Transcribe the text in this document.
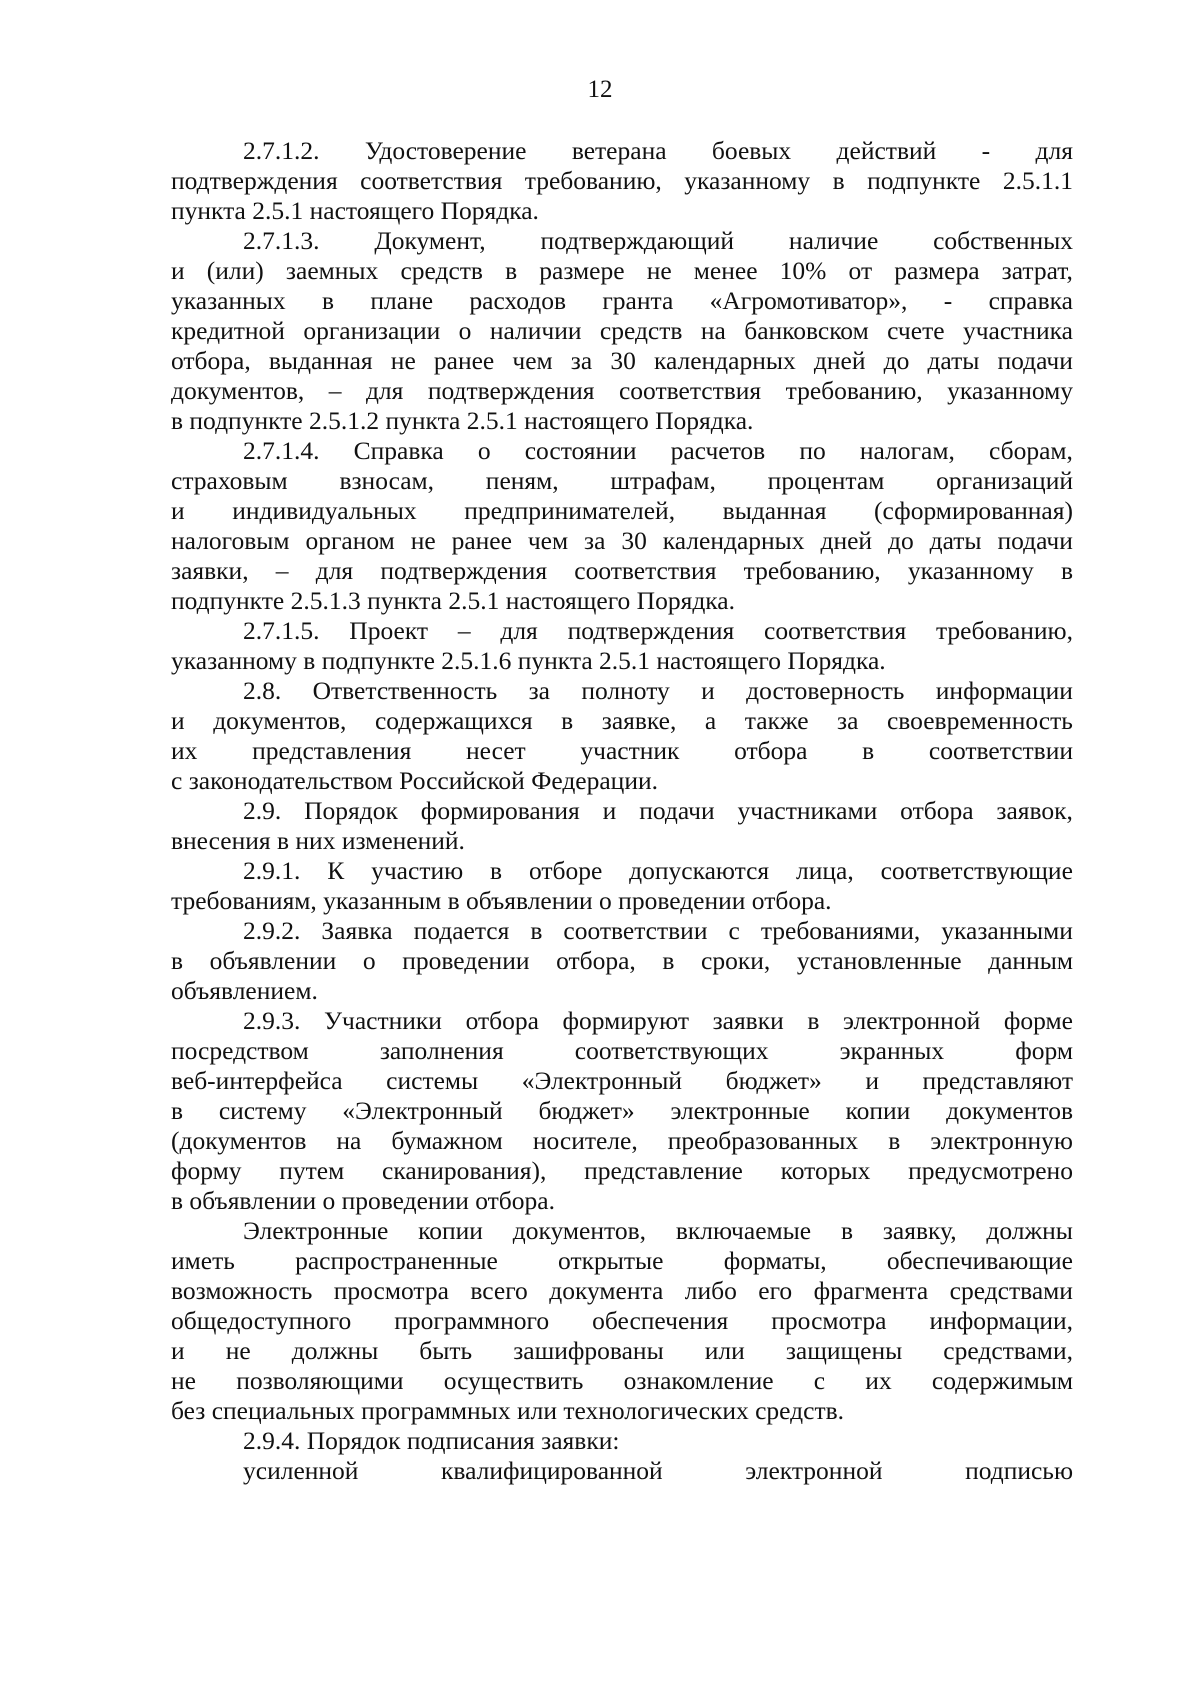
12
2.7.1.2. Удостоверение ветерана боевых действий - для
подтверждения соответствия требованию, указанному в подпункте 2.5.1.1
пункта 2.5.1 настоящего Порядка.
2.7.1.3. Документ, подтверждающий наличие собственных
и (или) заемных средств в размере не менее 10% от размера затрат,
указанных в плане расходов гранта «Агромотиватор», - справка
кредитной организации о наличии средств на банковском счете участника
отбора, выданная не ранее чем за 30 календарных дней до даты подачи
документов, – для подтверждения соответствия требованию, указанному
в подпункте 2.5.1.2 пункта 2.5.1 настоящего Порядка.
2.7.1.4. Справка о состоянии расчетов по налогам, сборам,
страховым взносам, пеням, штрафам, процентам организаций
и индивидуальных предпринимателей, выданная (сформированная)
налоговым органом не ранее чем за 30 календарных дней до даты подачи
заявки, – для подтверждения соответствия требованию, указанному в
подпункте 2.5.1.3 пункта 2.5.1 настоящего Порядка.
2.7.1.5. Проект – для подтверждения соответствия требованию,
указанному в подпункте 2.5.1.6 пункта 2.5.1 настоящего Порядка.
2.8. Ответственность за полноту и достоверность информации
и документов, содержащихся в заявке, а также за своевременность
их представления несет участник отбора в соответствии
с законодательством Российской Федерации.
2.9. Порядок формирования и подачи участниками отбора заявок,
внесения в них изменений.
2.9.1. К участию в отборе допускаются лица, соответствующие
требованиям, указанным в объявлении о проведении отбора.
2.9.2. Заявка подается в соответствии с требованиями, указанными
в объявлении о проведении отбора, в сроки, установленные данным
объявлением.
2.9.3. Участники отбора формируют заявки в электронной форме
посредством	заполнения	соответствующих	экранных	форм
веб-интерфейса системы «Электронный бюджет» и представляют
в систему «Электронный бюджет» электронные копии документов
(документов на бумажном носителе, преобразованных в электронную
форму путем сканирования), представление которых предусмотрено
в объявлении о проведении отбора.
Электронные копии документов, включаемые в заявку, должны
иметь распространенные открытые форматы, обеспечивающие
возможность просмотра всего документа либо его фрагмента средствами
общедоступного программного обеспечения просмотра информации,
и не должны быть зашифрованы или защищены средствами,
не позволяющими осуществить ознакомление с их содержимым
без специальных программных или технологических средств.
2.9.4. Порядок подписания заявки:
усиленной	квалифицированной	электронной	подписью
